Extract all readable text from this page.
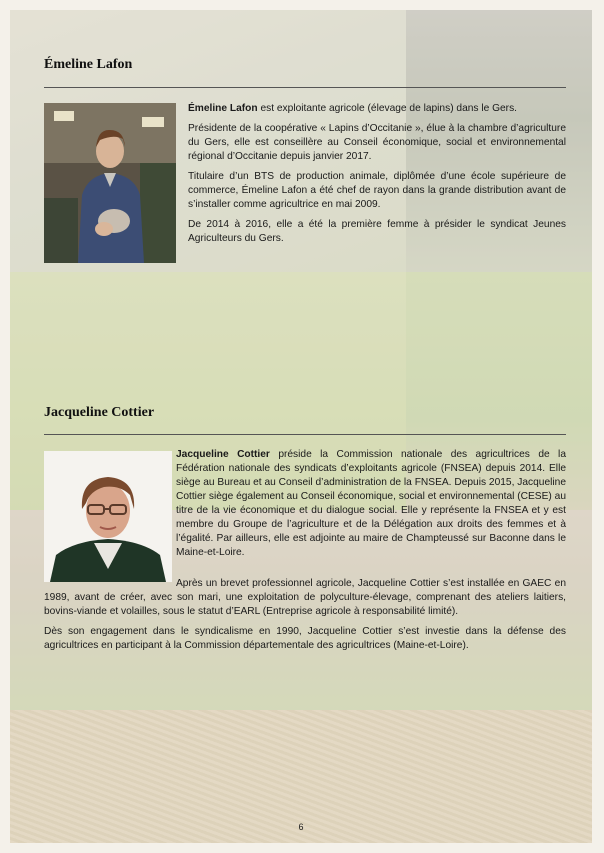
Émeline Lafon

Émeline Lafon est exploitante agricole (élevage de lapins) dans le Gers.

Présidente de la coopérative « Lapins d’Occitanie », élue à la chambre d’agriculture du Gers, elle est conseillère au Conseil économique, social et environnemental régional d’Occitanie depuis janvier 2017.

Titulaire d’un BTS de production animale, diplômée d’une école supérieure de commerce, Émeline Lafon a été chef de rayon dans la grande distribution avant de s’installer comme agricultrice en mai 2009.

De 2014 à 2016, elle a été la première femme à présider le syndicat Jeunes Agriculteurs du Gers.

Jacqueline Cottier

Jacqueline Cottier préside la Commission nationale des agricultrices de la Fédération nationale des syndicats d’exploitants agricole (FNSEA) depuis 2014. Elle siège au Bureau et au Conseil d’administration de la FNSEA. Depuis 2015, Jacqueline Cottier siège également au Conseil économique, social et environnemental (CESE) au titre de la vie économique et du dialogue social. Elle y représente la FNSEA et y est membre du Groupe de l’agriculture et de la Délégation aux droits des femmes et à l’égalité. Par ailleurs, elle est adjointe au maire de Champteussé sur Baconne dans le Maine-et-Loire.

Après un brevet professionnel agricole, Jacqueline Cottier s’est installée en GAEC en 1989, avant de créer, avec son mari, une exploitation de polyculture-élevage, comprenant des ateliers laitiers, bovins-viande et volailles, sous le statut d’EARL (Entreprise agricole à responsabilité limité).

Dès son engagement dans le syndicalisme en 1990, Jacqueline Cottier s’est investie dans la défense des agricultrices en participant à la Commission départementale des agricultrices (Maine-et-Loire).

6
